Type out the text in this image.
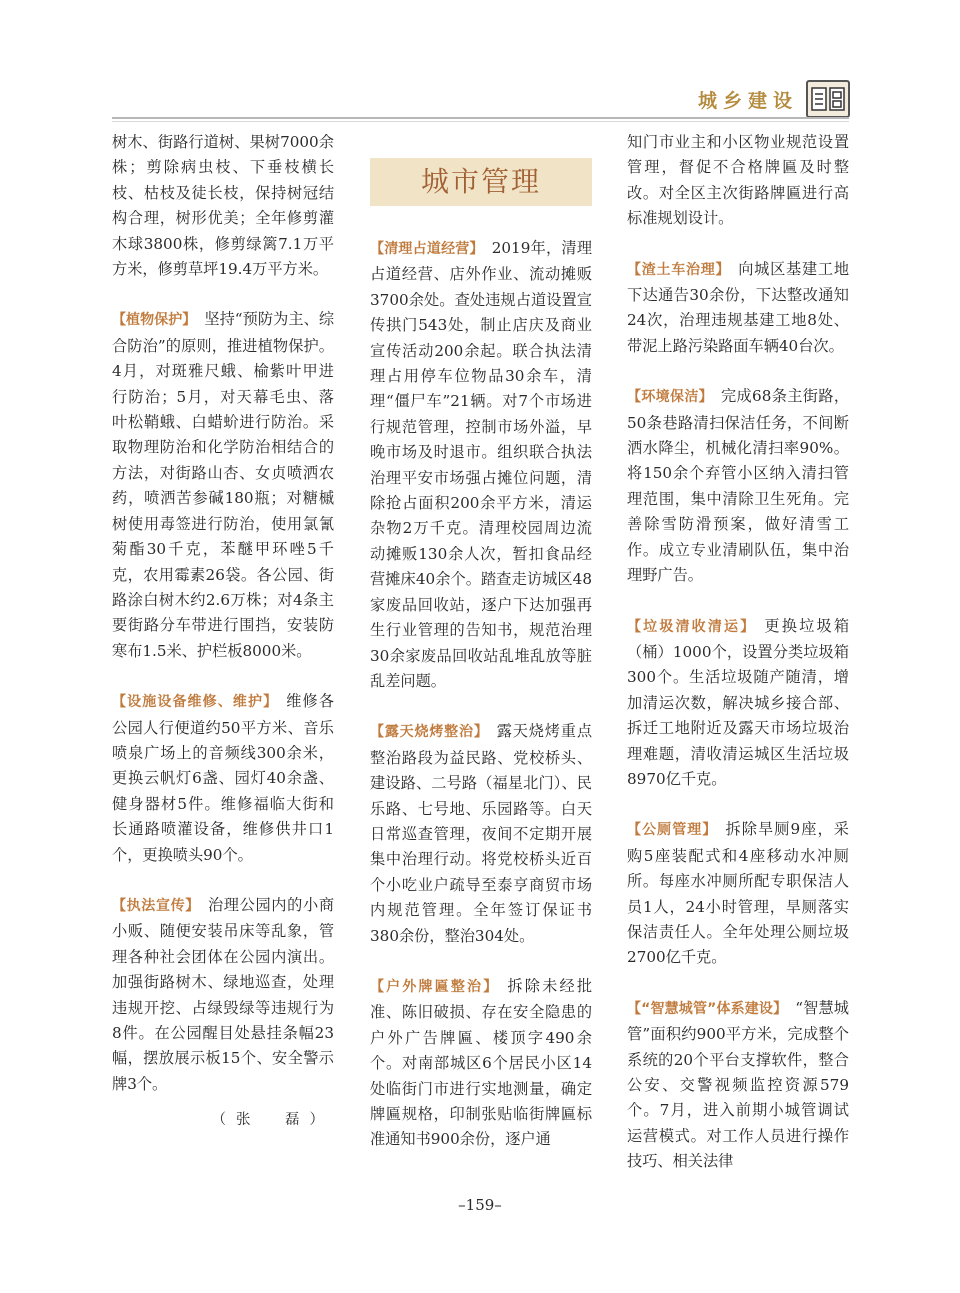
城乡建设

树木、街路行道树、果树7000余株；剪除病虫枝、下垂枝横长枝、枯枝及徒长枝，保持树冠结构合理，树形优美；全年修剪灌木球3800株，修剪绿篱7.1万平方米，修剪草坪19.4万平方米。

【植物保护】 坚持“预防为主、综合防治”的原则，推进植物保护。4月，对斑雅尺蛾、榆紫叶甲进行防治；5月，对天幕毛虫、落叶松鞘蛾、白蜡蚧进行防治。采取物理防治和化学防治相结合的方法，对街路山杏、女贞喷洒农药，喷洒苦参碱180瓶；对糖槭树使用毒签进行防治，使用氯氰菊酯30千克，苯醚甲环唑5千克，农用霉素26袋。各公园、街路涂白树木约2.6万株；对4条主要街路分车带进行围挡，安装防寒布1.5米、护栏板8000米。

【设施设备维修、维护】 维修各公园人行便道约50平方米、音乐喷泉广场上的音频线300余米，更换云帆灯6盏、园灯40余盏、健身器材5件。维修福临大街和长通路喷灌设备，维修供井口1个，更换喷头90个。

【执法宣传】 治理公园内的小商小贩、随便安装吊床等乱象，管理各种社会团体在公园内演出。加强街路树木、绿地巡查，处理违规开挖、占绿毁绿等违规行为8件。在公园醒目处悬挂条幅23幅，摆放展示板15个、安全警示牌3个。

（张　磊）
城市管理

【清理占道经营】 2019年，清理占道经营、店外作业、流动摊贩3700余处。查处违规占道设置宣传拱门543处，制止店庆及商业宣传活动200余起。联合执法清理占用停车位物品30余车，清理“僵尸车”21辆。对7个市场进行规范管理，控制市场外溢，早晚市场及时退市。组织联合执法治理平安市场强占摊位问题，清除抢占面积200余平方米，清运杂物2万千克。清理校园周边流动摊贩130余人次，暂扣食品经营摊床40余个。踏查走访城区48家废品回收站，逐户下达加强再生行业管理的告知书，规范治理30余家废品回收站乱堆乱放等脏乱差问题。

【露天烧烤整治】 露天烧烤重点整治路段为益民路、党校桥头、建设路、二号路（福星北门）、民乐路、七号地、乐园路等。白天日常巡查管理，夜间不定期开展集中治理行动。将党校桥头近百个小吃业户疏导至泰亨商贸市场内规范管理。全年签订保证书380余份，整治304处。

【户外牌匾整治】 拆除未经批准、陈旧破损、存在安全隐患的户外广告牌匾、楼顶字490余个。对南部城区6个居民小区14处临街门市进行实地测量，确定牌匾规格，印制张贴临街牌匾标准通知书900余份，逐户通

知门市业主和小区物业规范设置管理，督促不合格牌匾及时整改。对全区主次街路牌匾进行高标准规划设计。

【渣土车治理】 向城区基建工地下达通告30余份，下达整改通知24次，治理违规基建工地8处、带泥上路污染路面车辆40台次。

【环境保洁】 完成68条主街路，50条巷路清扫保洁任务，不间断洒水降尘，机械化清扫率90%。将150余个弃管小区纳入清扫管理范围，集中清除卫生死角。完善除雪防滑预案，做好清雪工作。成立专业清刷队伍，集中治理野广告。

【垃圾清收清运】 更换垃圾箱（桶）1000个，设置分类垃圾箱300个。生活垃圾随产随清，增加清运次数，解决城乡接合部、拆迁工地附近及露天市场垃圾治理难题，清收清运城区生活垃圾8970亿千克。

【公厕管理】 拆除旱厕9座，采购5座装配式和4座移动水冲厕所。每座水冲厕所配专职保洁人员1人，24小时管理，旱厕落实保洁责任人。全年处理公厕垃圾2700亿千克。

【“智慧城管”体系建设】 “智慧城管”面积约900平方米，完成整个系统的20个平台支撑软件，整合公安、交警视频监控资源579个。7月，进入前期小城管调试运营模式。对工作人员进行操作技巧、相关法律

–159–
